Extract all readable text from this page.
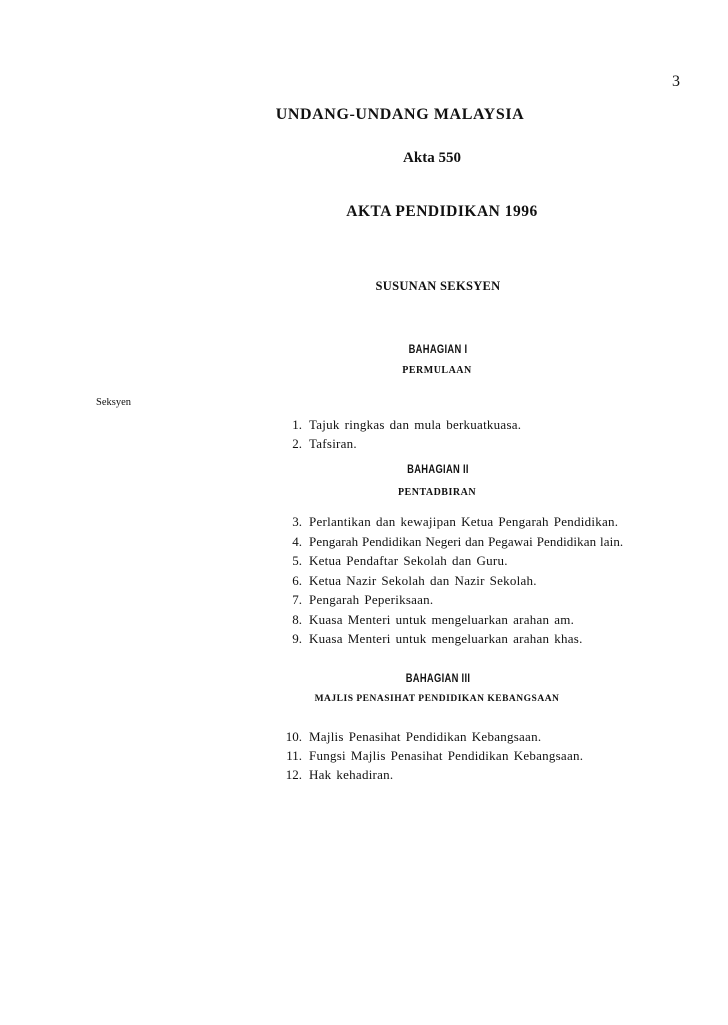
3
UNDANG-UNDANG MALAYSIA
Akta 550
AKTA PENDIDIKAN 1996
SUSUNAN SEKSYEN
BAHAGIAN I
PERMULAAN
Seksyen
1. Tajuk ringkas dan mula berkuatkuasa.
2. Tafsiran.
BAHAGIAN II
PENTADBIRAN
3. Perlantikan dan kewajipan Ketua Pengarah Pendidikan.
4. Pengarah Pendidikan Negeri dan Pegawai Pendidikan lain.
5. Ketua Pendaftar Sekolah dan Guru.
6. Ketua Nazir Sekolah dan Nazir Sekolah.
7. Pengarah Peperiksaan.
8. Kuasa Menteri untuk mengeluarkan arahan am.
9. Kuasa Menteri untuk mengeluarkan arahan khas.
BAHAGIAN III
MAJLIS PENASIHAT PENDIDIKAN KEBANGSAAN
10. Majlis Penasihat Pendidikan Kebangsaan.
11. Fungsi Majlis Penasihat Pendidikan Kebangsaan.
12. Hak kehadiran.
